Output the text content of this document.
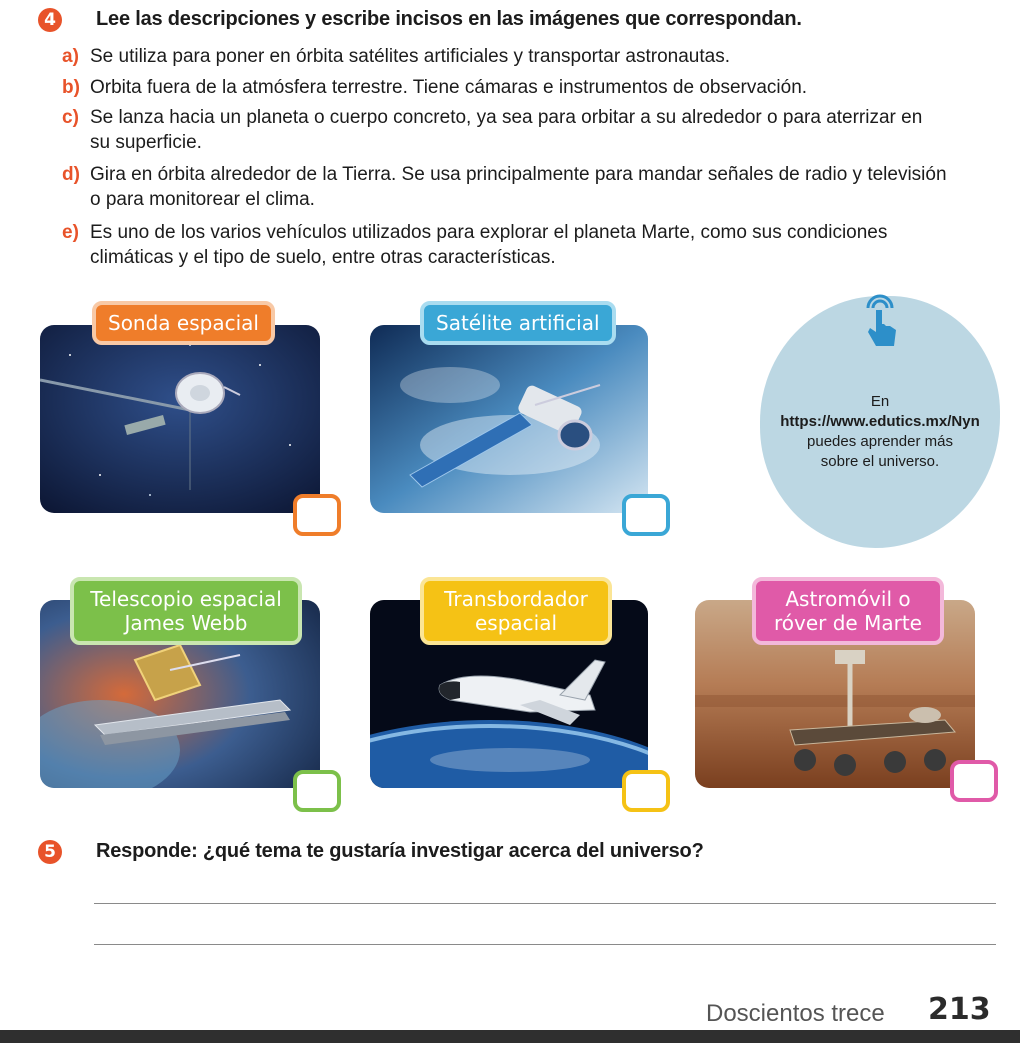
4	Lee las descripciones y escribe incisos en las imágenes que correspondan.
a) Se utiliza para poner en órbita satélites artificiales y transportar astronautas.
b) Orbita fuera de la atmósfera terrestre. Tiene cámaras e instrumentos de observación.
c) Se lanza hacia un planeta o cuerpo concreto, ya sea para orbitar a su alrededor o para aterrizar en su superficie.
d) Gira en órbita alrededor de la Tierra. Se usa principalmente para mandar señales de radio y televisión o para monitorear el clima.
e) Es uno de los varios vehículos utilizados para explorar el planeta Marte, como sus condiciones climáticas y el tipo de suelo, entre otras características.
Sonda espacial	Satélite artificial
En
https://www.edutics.mx/Nyn
puedes aprender más sobre el universo.
Telescopio espacial James Webb
Transbordador espacial
Astromóvil o róver de Marte
5	Responde: ¿qué tema te gustaría investigar acerca del universo?
Doscientos trece 213
